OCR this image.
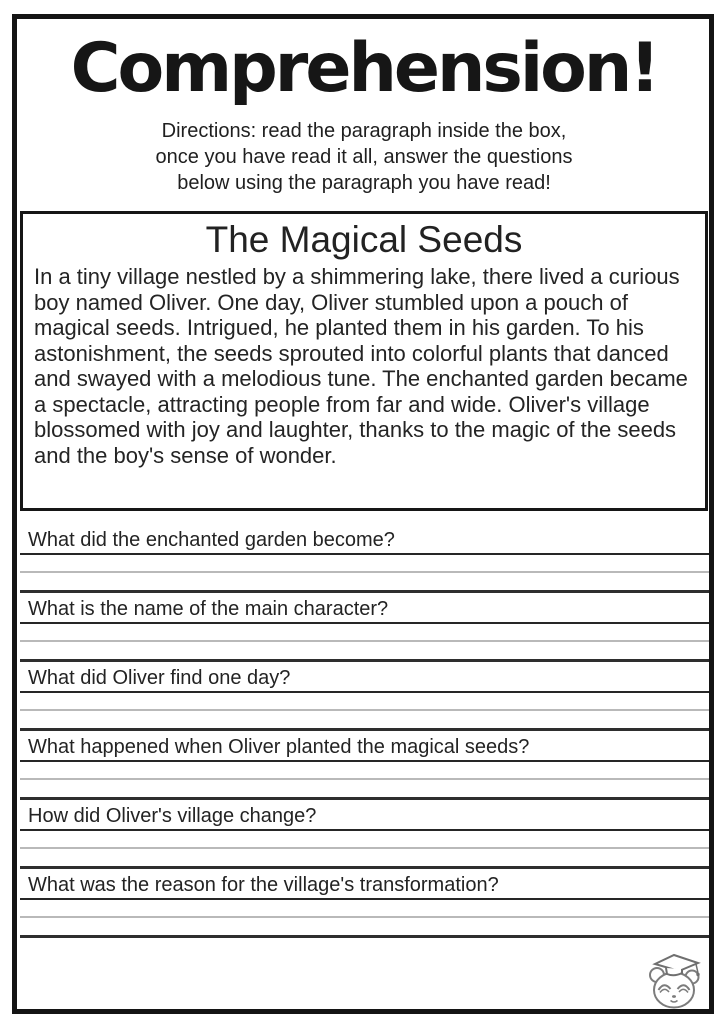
Comprehension!
Directions: read the paragraph inside the box,
once you have read it all, answer the questions
below using the paragraph you have read!
The Magical Seeds
In a tiny village nestled by a shimmering lake, there lived a curious boy named Oliver. One day, Oliver stumbled upon a pouch of magical seeds. Intrigued, he planted them in his garden. To his astonishment, the seeds sprouted into colorful plants that danced and swayed with a melodious tune. The enchanted garden became a spectacle, attracting people from far and wide. Oliver's village blossomed with joy and laughter, thanks to the magic of the seeds and the boy's sense of wonder.
What did the enchanted garden become?
What is the name of the main character?
What did Oliver find one day?
What happened when Oliver planted the magical seeds?
How did Oliver's village change?
What was the reason for the village's transformation?
